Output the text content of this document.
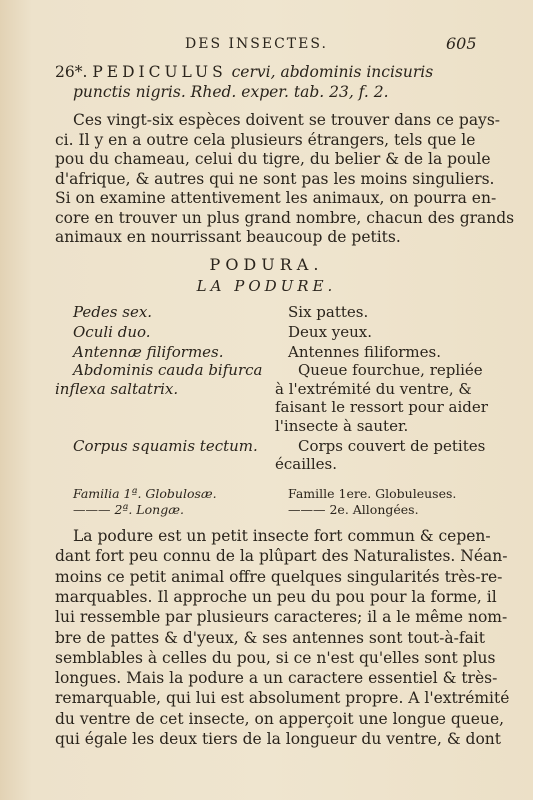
DES INSECTES.	605
26*. PEDICULUS cervi, abdominis incisuris
punctis nigris. Rhed. exper. tab. 23, f. 2.
Ces vingt-six espèces doivent se trouver dans ce pays-
ci. Il y en a outre cela plusieurs étrangers, tels que le
pou du chameau, celui du tigre, du belier & de la poule
d'afrique, & autres qui ne sont pas les moins singuliers.
Si on examine attentivement les animaux, on pourra en-
core en trouver un plus grand nombre, chacun des grands
animaux en nourrissant beaucoup de petits.
PODURA.
LA PODURE.
Pedes sex.
Oculi duo.
Antennæ filiformes.
Abdominis cauda bifurca
inflexa saltatrix.
Corpus squamis tectum.
Six pattes.
Deux yeux.
Antennes filiformes.
Queue fourchue, repliée
à l'extrémité du ventre, &
faisant le ressort pour aider
l'insecte à sauter.
Corps couvert de petites
écailles.
Familia 1ª. Globulosæ.
——— 2ª. Longæ.
Famille 1ere. Globuleuses.
——— 2e. Allongées.
La podure est un petit insecte fort commun & cepen-
dant fort peu connu de la plûpart des Naturalistes. Néan-
moins ce petit animal offre quelques singularités très-re-
marquables. Il approche un peu du pou pour la forme, il
lui ressemble par plusieurs caracteres; il a le même nom-
bre de pattes & d'yeux, & ses antennes sont tout-à-fait
semblables à celles du pou, si ce n'est qu'elles sont plus
longues. Mais la podure a un caractere essentiel & très-
remarquable, qui lui est absolument propre. A l'extrémité
du ventre de cet insecte, on apperçoit une longue queue,
qui égale les deux tiers de la longueur du ventre, & dont
